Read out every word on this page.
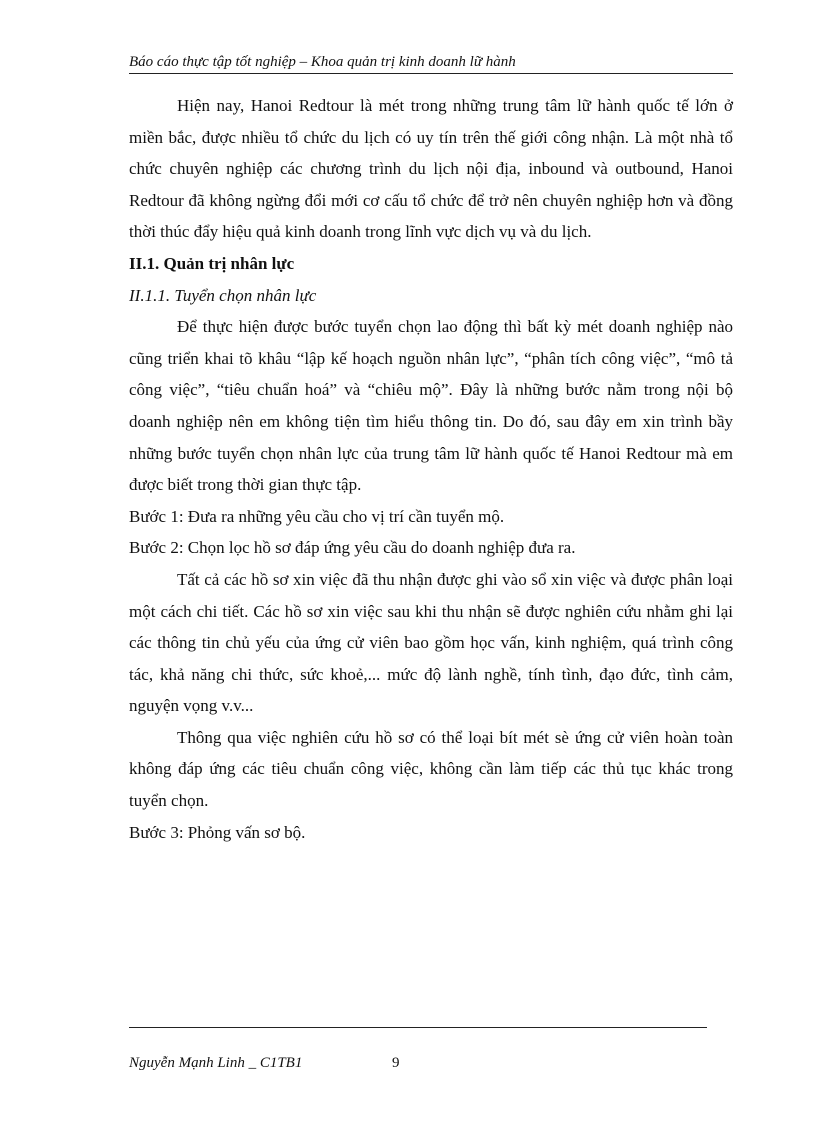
Báo cáo thực tập tốt nghiệp – Khoa quản trị kinh doanh lữ hành

Hiện nay, Hanoi Redtour là mét trong những trung tâm lữ hành quốc tế lớn ở miền bắc, được nhiều tổ chức du lịch có uy tín trên thế giới công nhận. Là một nhà tổ chức chuyên nghiệp các chương trình du lịch nội địa, inbound và outbound, Hanoi Redtour đã không ngừng đổi mới cơ cấu tổ chức để trở nên chuyên nghiệp hơn và đồng thời thúc đẩy hiệu quả kinh doanh trong lĩnh vực dịch vụ và du lịch.

II.1. Quản trị nhân lực
II.1.1. Tuyển chọn nhân lực

Để thực hiện được bước tuyển chọn lao động thì bất kỳ mét doanh nghiệp nào cũng triển khai tõ khâu “lập kế hoạch nguồn nhân lực”, “phân tích công việc”, “mô tả công việc”, “tiêu chuẩn hoá” và “chiêu mộ”. Đây là những bước nằm trong nội bộ doanh nghiệp nên em không tiện tìm hiểu thông tin. Do đó, sau đây em xin trình bầy những bước tuyển chọn nhân lực của trung tâm lữ hành quốc tế Hanoi Redtour mà em được biết trong thời gian thực tập.

Bước 1: Đưa ra những yêu cầu cho vị trí cần tuyển mộ.

Bước 2: Chọn lọc hồ sơ đáp ứng yêu cầu do doanh nghiệp đưa ra.

Tất cả các hồ sơ xin việc đã thu nhận được ghi vào sổ xin việc và được phân loại một cách chi tiết. Các hồ sơ xin việc sau khi thu nhận sẽ được nghiên cứu nhằm ghi lại các thông tin chủ yếu của ứng cử viên bao gồm học vấn, kinh nghiệm, quá trình công tác, khả năng chi thức, sức khoẻ,... mức độ lành nghề, tính tình, đạo đức, tình cảm, nguyện vọng v.v...

Thông qua việc nghiên cứu hồ sơ có thể loại bít mét sè ứng cử viên hoàn toàn không đáp ứng các tiêu chuẩn công việc, không cần làm tiếp các thủ tục khác trong tuyển chọn.

Bước 3: Phỏng vấn sơ bộ.

Nguyễn Mạnh Linh _ C1TB1	9
